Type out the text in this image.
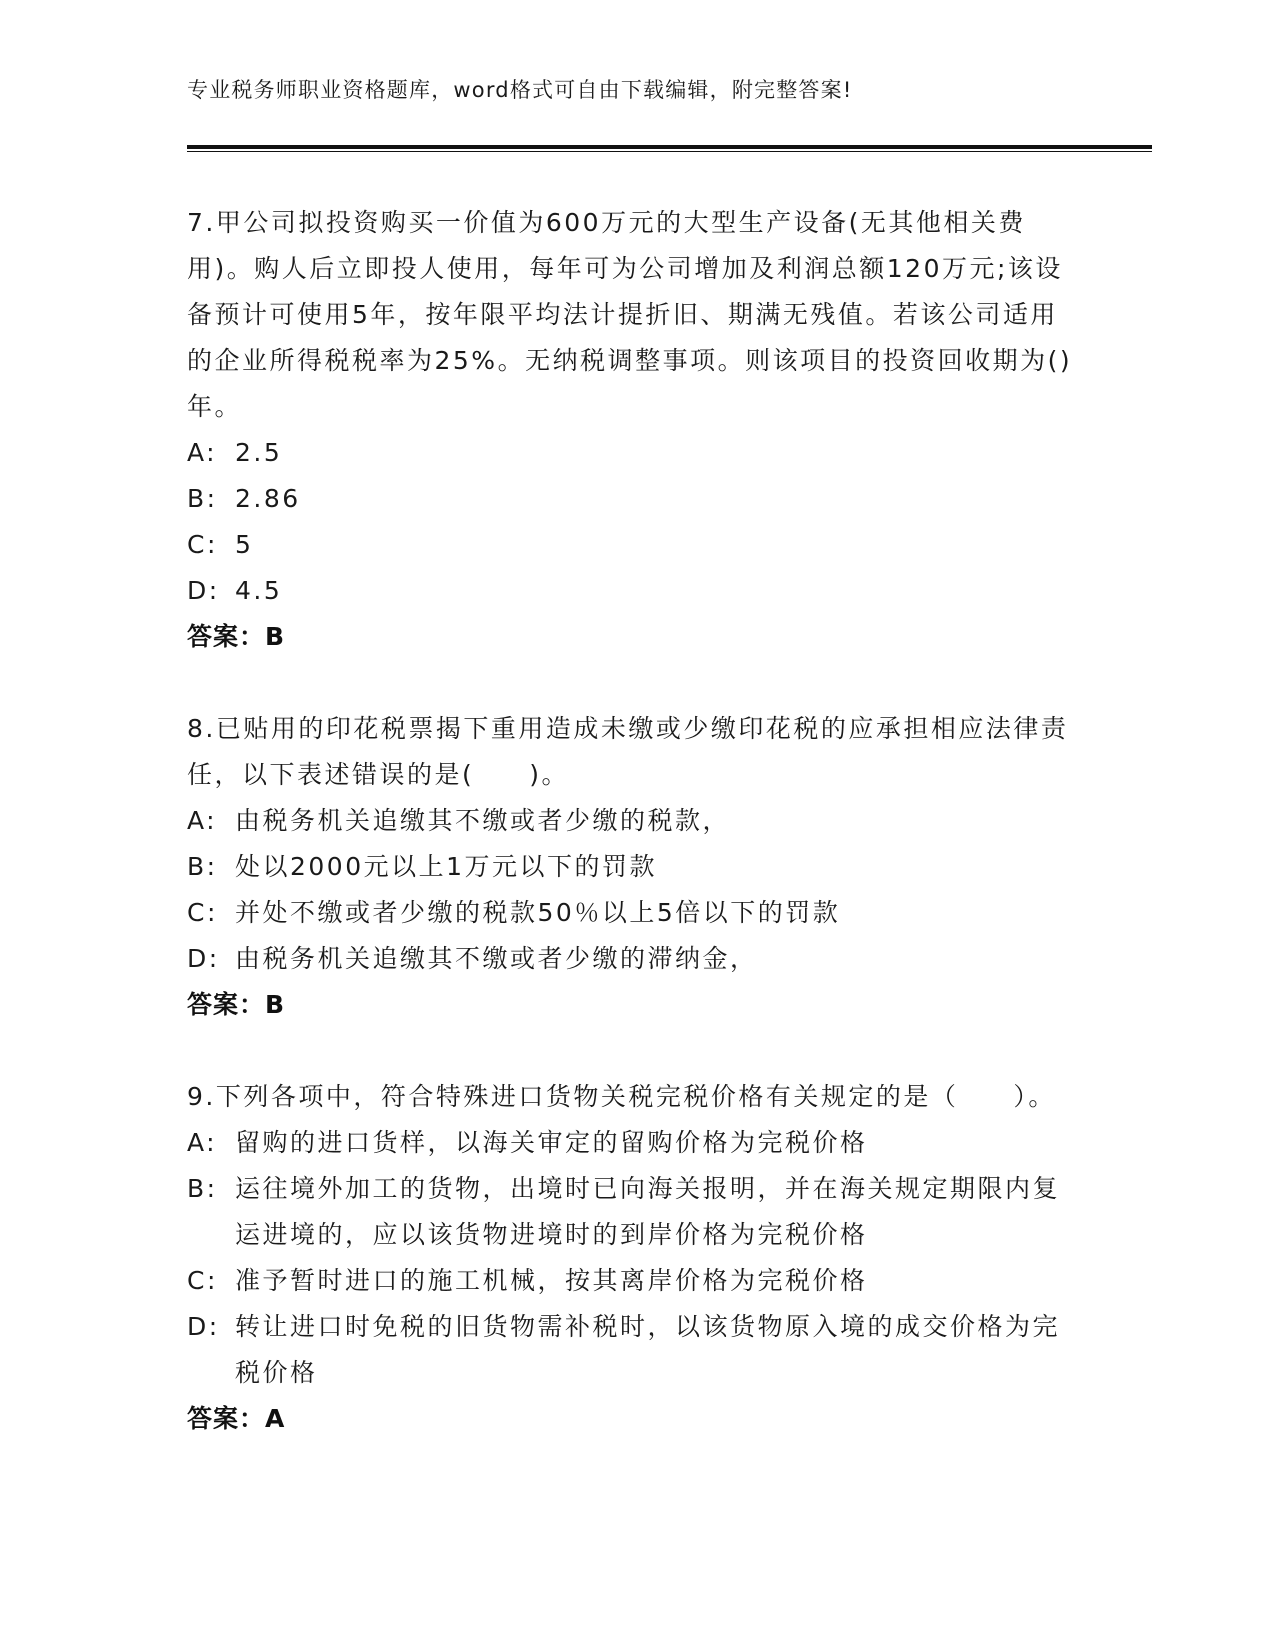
专业税务师职业资格题库，word格式可自由下载编辑，附完整答案!
7.甲公司拟投资购买一价值为600万元的大型生产设备(无其他相关费用)。购人后立即投人使用，每年可为公司增加及利润总额120万元;该设备预计可使用5年，按年限平均法计提折旧、期满无残值。若该公司适用的企业所得税税率为25%。无纳税调整事项。则该项目的投资回收期为()年。
A: 2.5
B: 2.86
C: 5
D: 4.5
答案：B
8.已贴用的印花税票揭下重用造成未缴或少缴印花税的应承担相应法律责任，以下表述错误的是(　　)。
A: 由税务机关追缴其不缴或者少缴的税款，
B: 处以2000元以上1万元以下的罚款
C: 并处不缴或者少缴的税款50％以上5倍以下的罚款
D: 由税务机关追缴其不缴或者少缴的滞纳金，
答案：B
9.下列各项中，符合特殊进口货物关税完税价格有关规定的是（　　）。
A: 留购的进口货样，以海关审定的留购价格为完税价格
B: 运往境外加工的货物，出境时已向海关报明，并在海关规定期限内复运进境的，应以该货物进境时的到岸价格为完税价格
C: 准予暂时进口的施工机械，按其离岸价格为完税价格
D: 转让进口时免税的旧货物需补税时，以该货物原入境的成交价格为完税价格
答案：A
